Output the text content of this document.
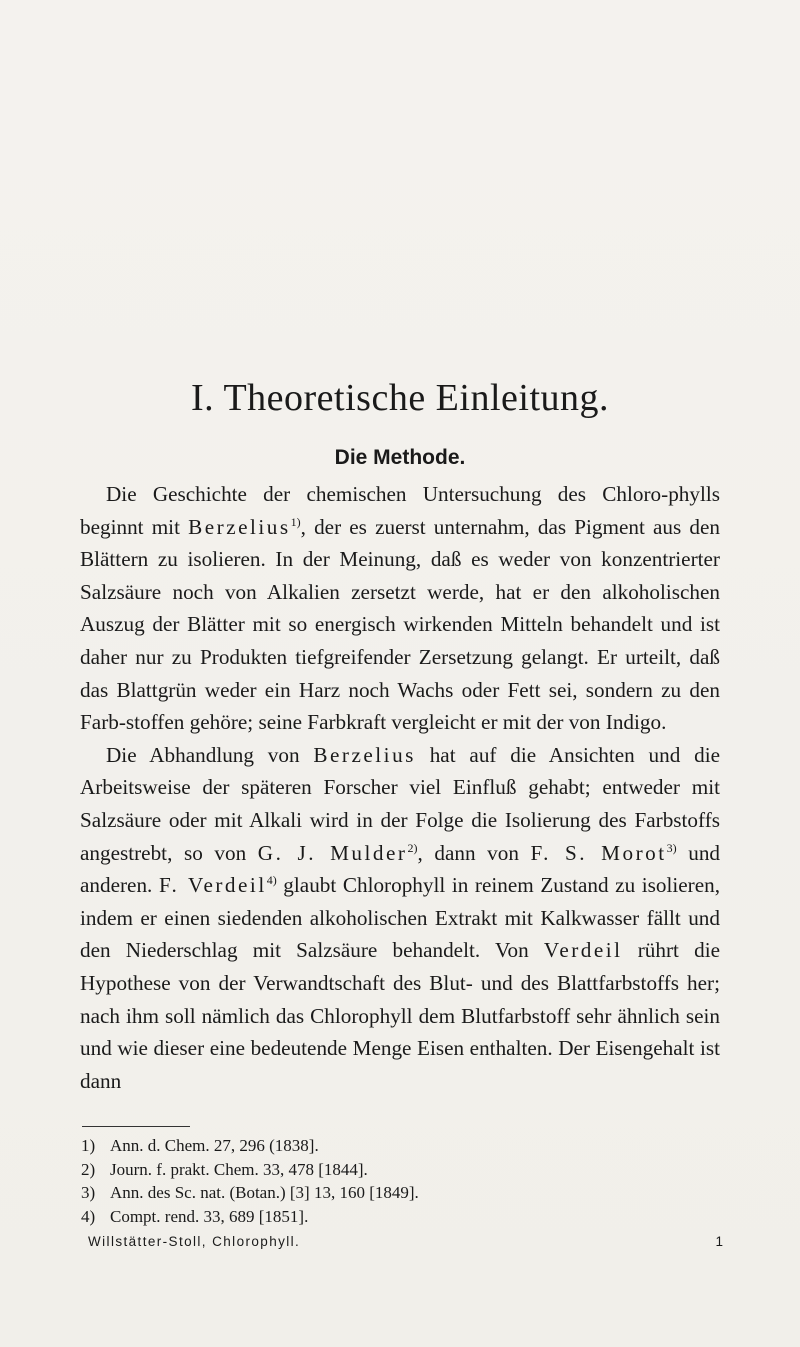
I. Theoretische Einleitung.
Die Methode.

Die Geschichte der chemischen Untersuchung des Chloro-phylls beginnt mit Berzelius$^{1)}$, der es zuerst unternahm, das Pigment aus den Blättern zu isolieren. In der Meinung, daß es weder von konzentrierter Salzsäure noch von Alkalien zersetzt werde, hat er den alkoholischen Auszug der Blätter mit so energisch wirkenden Mitteln behandelt und ist daher nur zu Produkten tiefgreifender Zersetzung gelangt. Er urteilt, daß das Blattgrün weder ein Harz noch Wachs oder Fett sei, sondern zu den Farb-stoffen gehöre; seine Farbkraft vergleicht er mit der von Indigo.

Die Abhandlung von Berzelius hat auf die Ansichten und die Arbeitsweise der späteren Forscher viel Einfluß gehabt; entweder mit Salzsäure oder mit Alkali wird in der Folge die Isolierung des Farbstoffs angestrebt, so von G. J. Mulder$^{2)}$, dann von F. S. Morot$^{3)}$ und anderen. F. Verdeil$^{4)}$ glaubt Chlorophyll in reinem Zustand zu isolieren, indem er einen siedenden alkoholischen Extrakt mit Kalkwasser fällt und den Niederschlag mit Salzsäure behandelt. Von Verdeil rührt die Hypothese von der Verwandtschaft des Blut- und des Blattfarbstoffs her; nach ihm soll nämlich das Chlorophyll dem Blutfarbstoff sehr ähnlich sein und wie dieser eine bedeutende Menge Eisen enthalten. Der Eisengehalt ist dann

1) Ann. d. Chem. 27, 296 (1838].
2) Journ. f. prakt. Chem. 33, 478 [1844].
3) Ann. des Sc. nat. (Botan.) [3] 13, 160 [1849].
4) Compt. rend. 33, 689 [1851].
Willstätter-Stoll, Chlorophyll.	1
